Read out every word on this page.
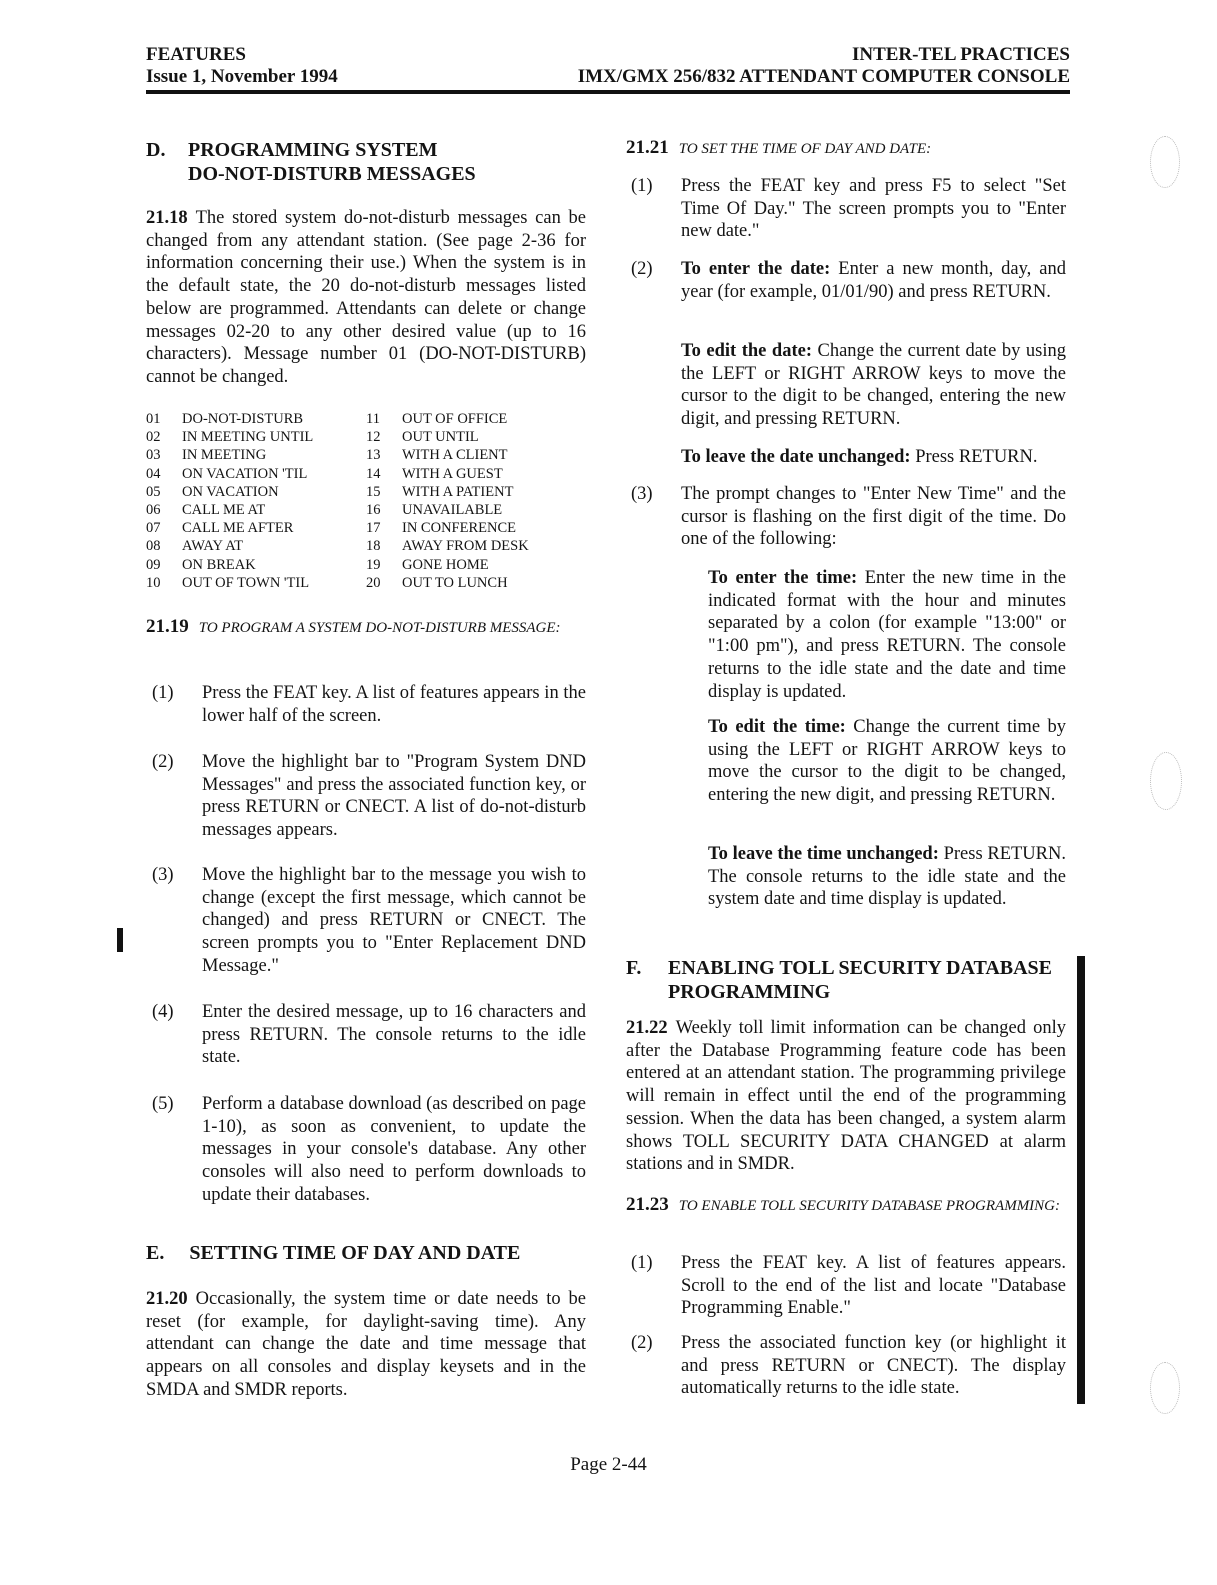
FEATURES
Issue 1, November 1994
INTER-TEL PRACTICES
IMX/GMX 256/832 ATTENDANT COMPUTER CONSOLE
D. PROGRAMMING SYSTEM
DO-NOT-DISTURB MESSAGES
21.18 The stored system do-not-disturb messages can be changed from any attendant station. (See page 2-36 for information concerning their use.) When the system is in the default state, the 20 do-not-disturb messages listed below are programmed. Attendants can delete or change messages 02-20 to any other desired value (up to 16 characters). Message number 01 (DO-NOT-DISTURB) cannot be changed.
01	DO-NOT-DISTURB
02	IN MEETING UNTIL
03	IN MEETING
04	ON VACATION 'TIL
05	ON VACATION
06	CALL ME AT
07	CALL ME AFTER
08	AWAY AT
09	ON BREAK
10	OUT OF TOWN 'TIL
11	OUT OF OFFICE
12	OUT UNTIL
13	WITH A CLIENT
14	WITH A GUEST
15	WITH A PATIENT
16	UNAVAILABLE
17	IN CONFERENCE
18	AWAY FROM DESK
19	GONE HOME
20	OUT TO LUNCH
21.19 TO PROGRAM A SYSTEM DO-NOT-DISTURB MESSAGE:
(1) Press the FEAT key. A list of features appears in the lower half of the screen.
(2) Move the highlight bar to "Program System DND Messages" and press the associated function key, or press RETURN or CNECT. A list of do-not-disturb messages appears.
(3) Move the highlight bar to the message you wish to change (except the first message, which cannot be changed) and press RETURN or CNECT. The screen prompts you to "Enter Replacement DND Message."
(4) Enter the desired message, up to 16 characters and press RETURN. The console returns to the idle state.
(5) Perform a database download (as described on page 1-10), as soon as convenient, to update the messages in your console's database. Any other consoles will also need to perform downloads to update their databases.
E. SETTING TIME OF DAY AND DATE
21.20 Occasionally, the system time or date needs to be reset (for example, for daylight-saving time). Any attendant can change the date and time message that appears on all consoles and display keysets and in the SMDA and SMDR reports.
21.21 TO SET THE TIME OF DAY AND DATE:
(1) Press the FEAT key and press F5 to select "Set Time Of Day." The screen prompts you to "Enter new date."
(2) To enter the date: Enter a new month, day, and year (for example, 01/01/90) and press RETURN.
To edit the date: Change the current date by using the LEFT or RIGHT ARROW keys to move the cursor to the digit to be changed, entering the new digit, and pressing RETURN.
To leave the date unchanged: Press RETURN.
(3) The prompt changes to "Enter New Time" and the cursor is flashing on the first digit of the time. Do one of the following:
To enter the time: Enter the new time in the indicated format with the hour and minutes separated by a colon (for example "13:00" or "1:00 pm"), and press RETURN. The console returns to the idle state and the date and time display is updated.
To edit the time: Change the current time by using the LEFT or RIGHT ARROW keys to move the cursor to the digit to be changed, entering the new digit, and pressing RETURN.
To leave the time unchanged: Press RETURN. The console returns to the idle state and the system date and time display is updated.
F. ENABLING TOLL SECURITY DATABASE
PROGRAMMING
21.22 Weekly toll limit information can be changed only after the Database Programming feature code has been entered at an attendant station. The programming privilege will remain in effect until the end of the programming session. When the data has been changed, a system alarm shows TOLL SECURITY DATA CHANGED at alarm stations and in SMDR.
21.23 TO ENABLE TOLL SECURITY DATABASE PROGRAMMING:
(1) Press the FEAT key. A list of features appears. Scroll to the end of the list and locate "Database Programming Enable."
(2) Press the associated function key (or highlight it and press RETURN or CNECT). The display automatically returns to the idle state.
Page 2-44
